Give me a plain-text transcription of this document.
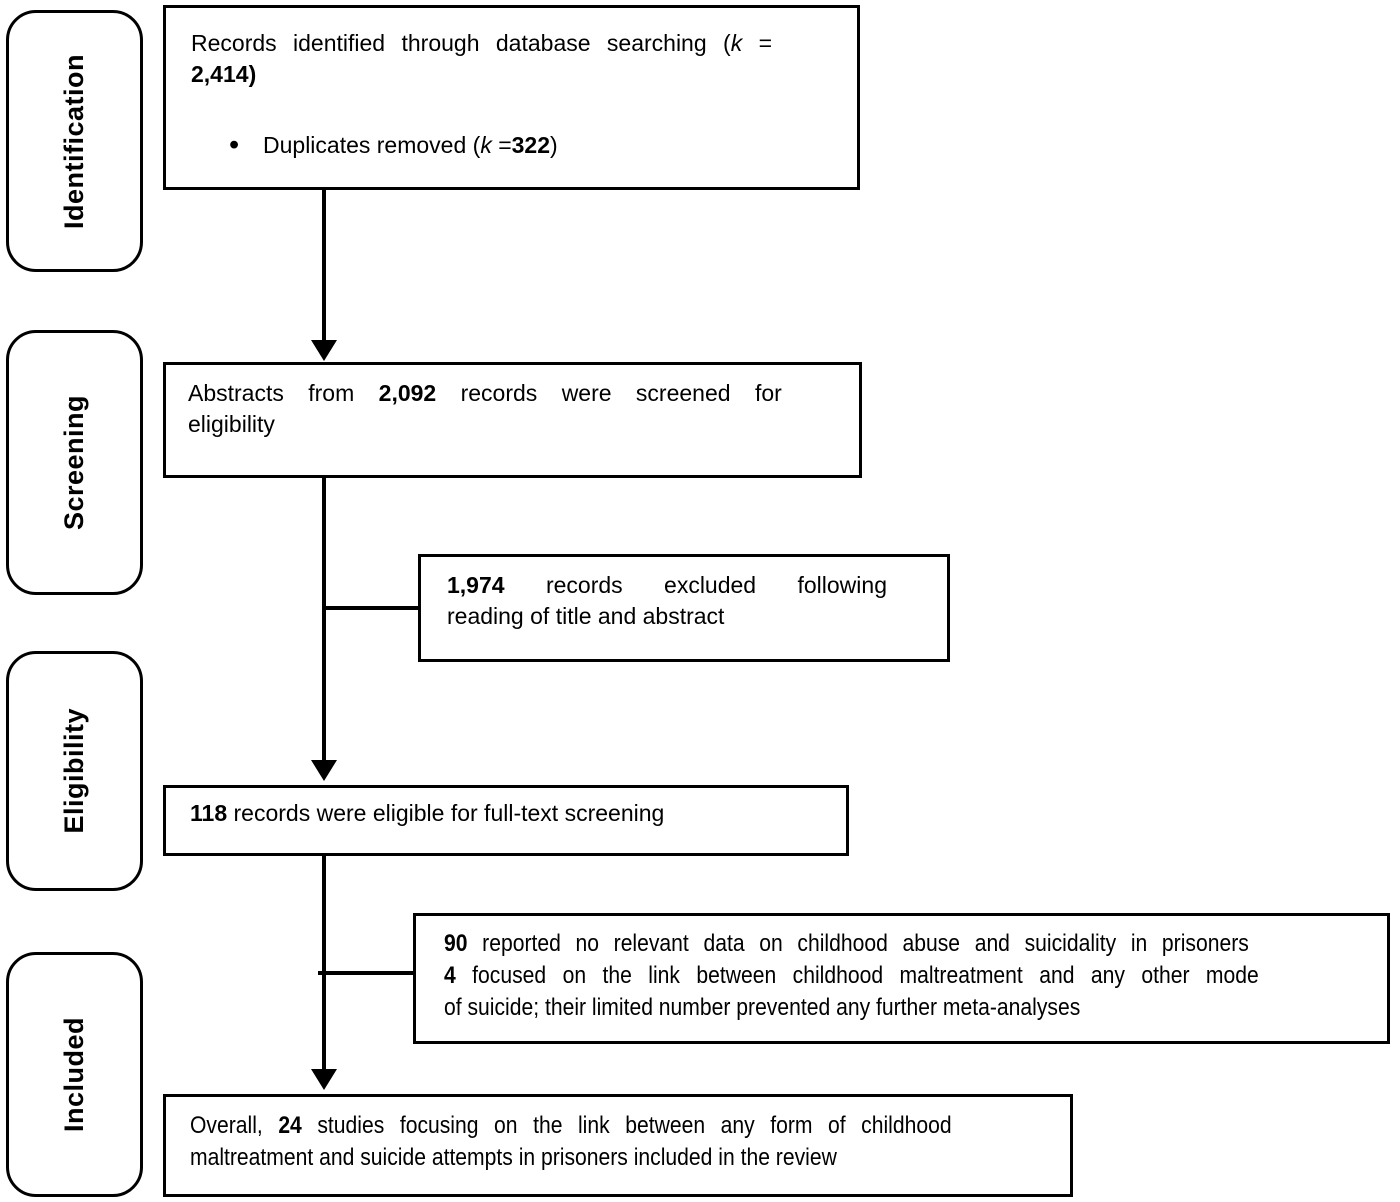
Identification
Screening
Eligibility
Included
Records identified through database searching (k =
2,414)
•	Duplicates removed (k =322)
Abstracts from 2,092 records were screened for
eligibility
1,974 records excluded following
reading of title and abstract
118 records were eligible for full-text screening
90 reported no relevant data on childhood abuse and suicidality in prisoners
4 focused on the link between childhood maltreatment and any other mode
of suicide; their limited number prevented any further meta-analyses
Overall, 24 studies focusing on the link between any form of childhood
maltreatment and suicide attempts in prisoners included in the review
